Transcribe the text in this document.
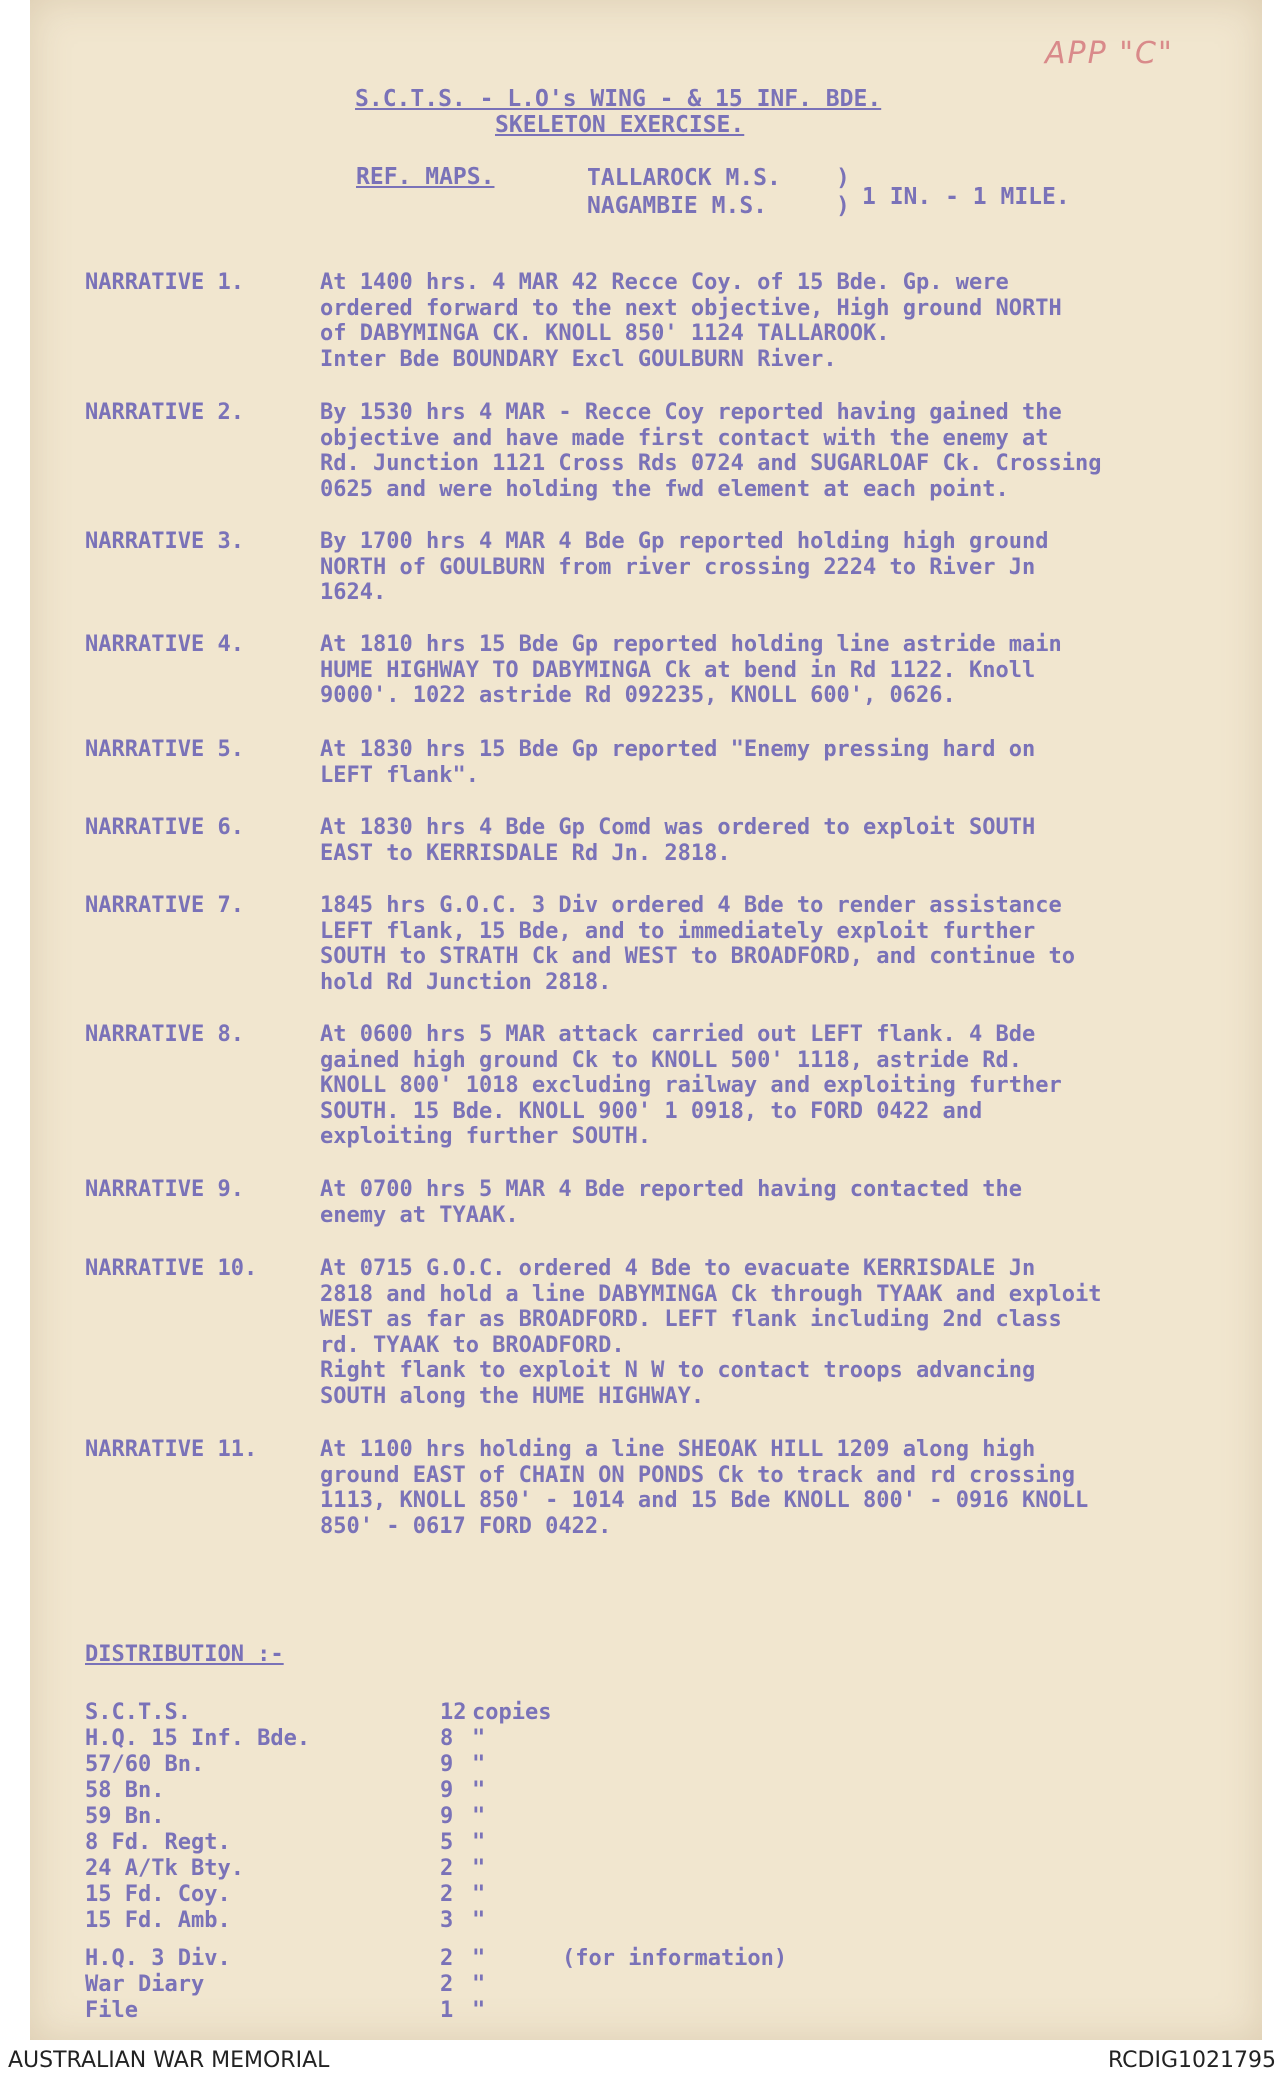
APP "C"
S.C.T.S. - L.O's WING - & 15 INF. BDE.
SKELETON EXERCISE.
REF. MAPS.	TALLAROCK M.S.
NAGAMBIE M.S.
)
) 1 IN. - 1 MILE.
NARRATIVE 1.	At 1400 hrs. 4 MAR 42 Recce Coy. of 15 Bde. Gp. were
ordered forward to the next objective, High ground NORTH
of DABYMINGA CK. KNOLL 850' 1124 TALLAROOK.
Inter Bde BOUNDARY Excl GOULBURN River.
NARRATIVE 2.	By 1530 hrs 4 MAR - Recce Coy reported having gained the
objective and have made first contact with the enemy at
Rd. Junction 1121 Cross Rds 0724 and SUGARLOAF Ck. Crossing
0625 and were holding the fwd element at each point.
NARRATIVE 3.	By 1700 hrs 4 MAR 4 Bde Gp reported holding high ground
NORTH of GOULBURN from river crossing 2224 to River Jn
1624.
NARRATIVE 4.	At 1810 hrs 15 Bde Gp reported holding line astride main
HUME HIGHWAY TO DABYMINGA Ck at bend in Rd 1122. Knoll
9000'. 1022 astride Rd 092235, KNOLL 600', 0626.
NARRATIVE 5.	At 1830 hrs 15 Bde Gp reported "Enemy pressing hard on
LEFT flank".
NARRATIVE 6.	At 1830 hrs 4 Bde Gp Comd was ordered to exploit SOUTH
EAST to KERRISDALE Rd Jn. 2818.
NARRATIVE 7.	1845 hrs G.O.C. 3 Div ordered 4 Bde to render assistance
LEFT flank, 15 Bde, and to immediately exploit further
SOUTH to STRATH Ck and WEST to BROADFORD, and continue to
hold Rd Junction 2818.
NARRATIVE 8.	At 0600 hrs 5 MAR attack carried out LEFT flank. 4 Bde
gained high ground Ck to KNOLL 500' 1118, astride Rd.
KNOLL 800' 1018 excluding railway and exploiting further
SOUTH. 15 Bde. KNOLL 900' 1 0918, to FORD 0422 and
exploiting further SOUTH.
NARRATIVE 9.	At 0700 hrs 5 MAR 4 Bde reported having contacted the
enemy at TYAAK.
NARRATIVE 10.	At 0715 G.O.C. ordered 4 Bde to evacuate KERRISDALE Jn
2818 and hold a line DABYMINGA Ck through TYAAK and exploit
WEST as far as BROADFORD. LEFT flank including 2nd class
rd. TYAAK to BROADFORD.
Right flank to exploit N W to contact troops advancing
SOUTH along the HUME HIGHWAY.
NARRATIVE 11.	At 1100 hrs holding a line SHEOAK HILL 1209 along high
ground EAST of CHAIN ON PONDS Ck to track and rd crossing
1113, KNOLL 850' - 1014 and 15 Bde KNOLL 800' - 0916 KNOLL
850' - 0617 FORD 0422.
DISTRIBUTION :-
S.C.T.S.	12 copies
H.Q. 15 Inf. Bde.	8 "
57/60 Bn.	9 "
58 Bn.	9 "
59 Bn.	9 "
8 Fd. Regt.	5 "
24 A/Tk Bty.	2 "
15 Fd. Coy.	2 "
15 Fd. Amb.	3 "
H.Q. 3 Div.	2 "	(for information)
War Diary	2 "
File	1 "
AUSTRALIAN WAR MEMORIAL	RCDIG1021795
